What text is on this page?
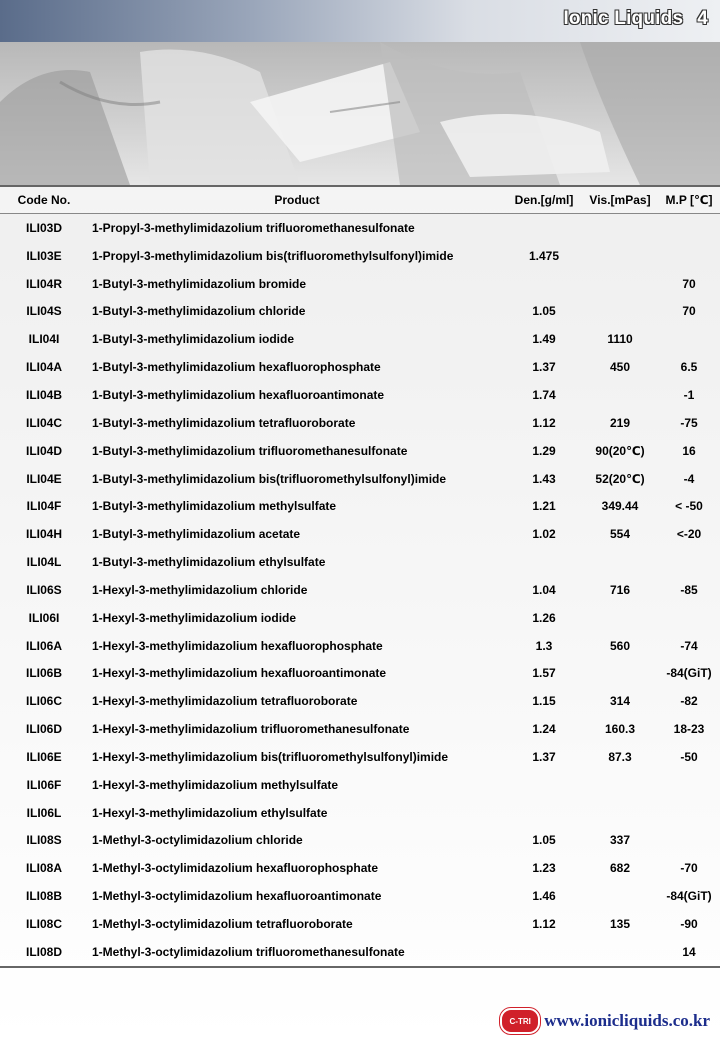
Ionic Liquids 4
Code No.	Product	Den.[g/ml]	Vis.[mPas]	M.P [℃]
ILI03D	1-Propyl-3-methylimidazolium trifluoromethanesulfonate			
ILI03E	1-Propyl-3-methylimidazolium bis(trifluoromethylsulfonyl)imide	1.475		
ILI04R	1-Butyl-3-methylimidazolium bromide			70
ILI04S	1-Butyl-3-methylimidazolium chloride	1.05		70
ILI04I	1-Butyl-3-methylimidazolium iodide	1.49	1110	
ILI04A	1-Butyl-3-methylimidazolium hexafluorophosphate	1.37	450	6.5
ILI04B	1-Butyl-3-methylimidazolium hexafluoroantimonate	1.74		-1
ILI04C	1-Butyl-3-methylimidazolium tetrafluoroborate	1.12	219	-75
ILI04D	1-Butyl-3-methylimidazolium trifluoromethanesulfonate	1.29	90(20℃)	16
ILI04E	1-Butyl-3-methylimidazolium bis(trifluoromethylsulfonyl)imide	1.43	52(20℃)	-4
ILI04F	1-Butyl-3-methylimidazolium methylsulfate	1.21	349.44	< -50
ILI04H	1-Butyl-3-methylimidazolium acetate	1.02	554	<-20
ILI04L	1-Butyl-3-methylimidazolium ethylsulfate			
ILI06S	1-Hexyl-3-methylimidazolium chloride	1.04	716	-85
ILI06I	1-Hexyl-3-methylimidazolium iodide	1.26		
ILI06A	1-Hexyl-3-methylimidazolium hexafluorophosphate	1.3	560	-74
ILI06B	1-Hexyl-3-methylimidazolium hexafluoroantimonate	1.57		-84(GiT)
ILI06C	1-Hexyl-3-methylimidazolium tetrafluoroborate	1.15	314	-82
ILI06D	1-Hexyl-3-methylimidazolium trifluoromethanesulfonate	1.24	160.3	18-23
ILI06E	1-Hexyl-3-methylimidazolium bis(trifluoromethylsulfonyl)imide	1.37	87.3	-50
ILI06F	1-Hexyl-3-methylimidazolium methylsulfate			
ILI06L	1-Hexyl-3-methylimidazolium ethylsulfate			
ILI08S	1-Methyl-3-octylimidazolium chloride	1.05	337	
ILI08A	1-Methyl-3-octylimidazolium hexafluorophosphate	1.23	682	-70
ILI08B	1-Methyl-3-octylimidazolium hexafluoroantimonate	1.46		-84(GiT)
ILI08C	1-Methyl-3-octylimidazolium tetrafluoroborate	1.12	135	-90
ILI08D	1-Methyl-3-octylimidazolium trifluoromethanesulfonate			14
C-TRI www.ionicliquids.co.kr
